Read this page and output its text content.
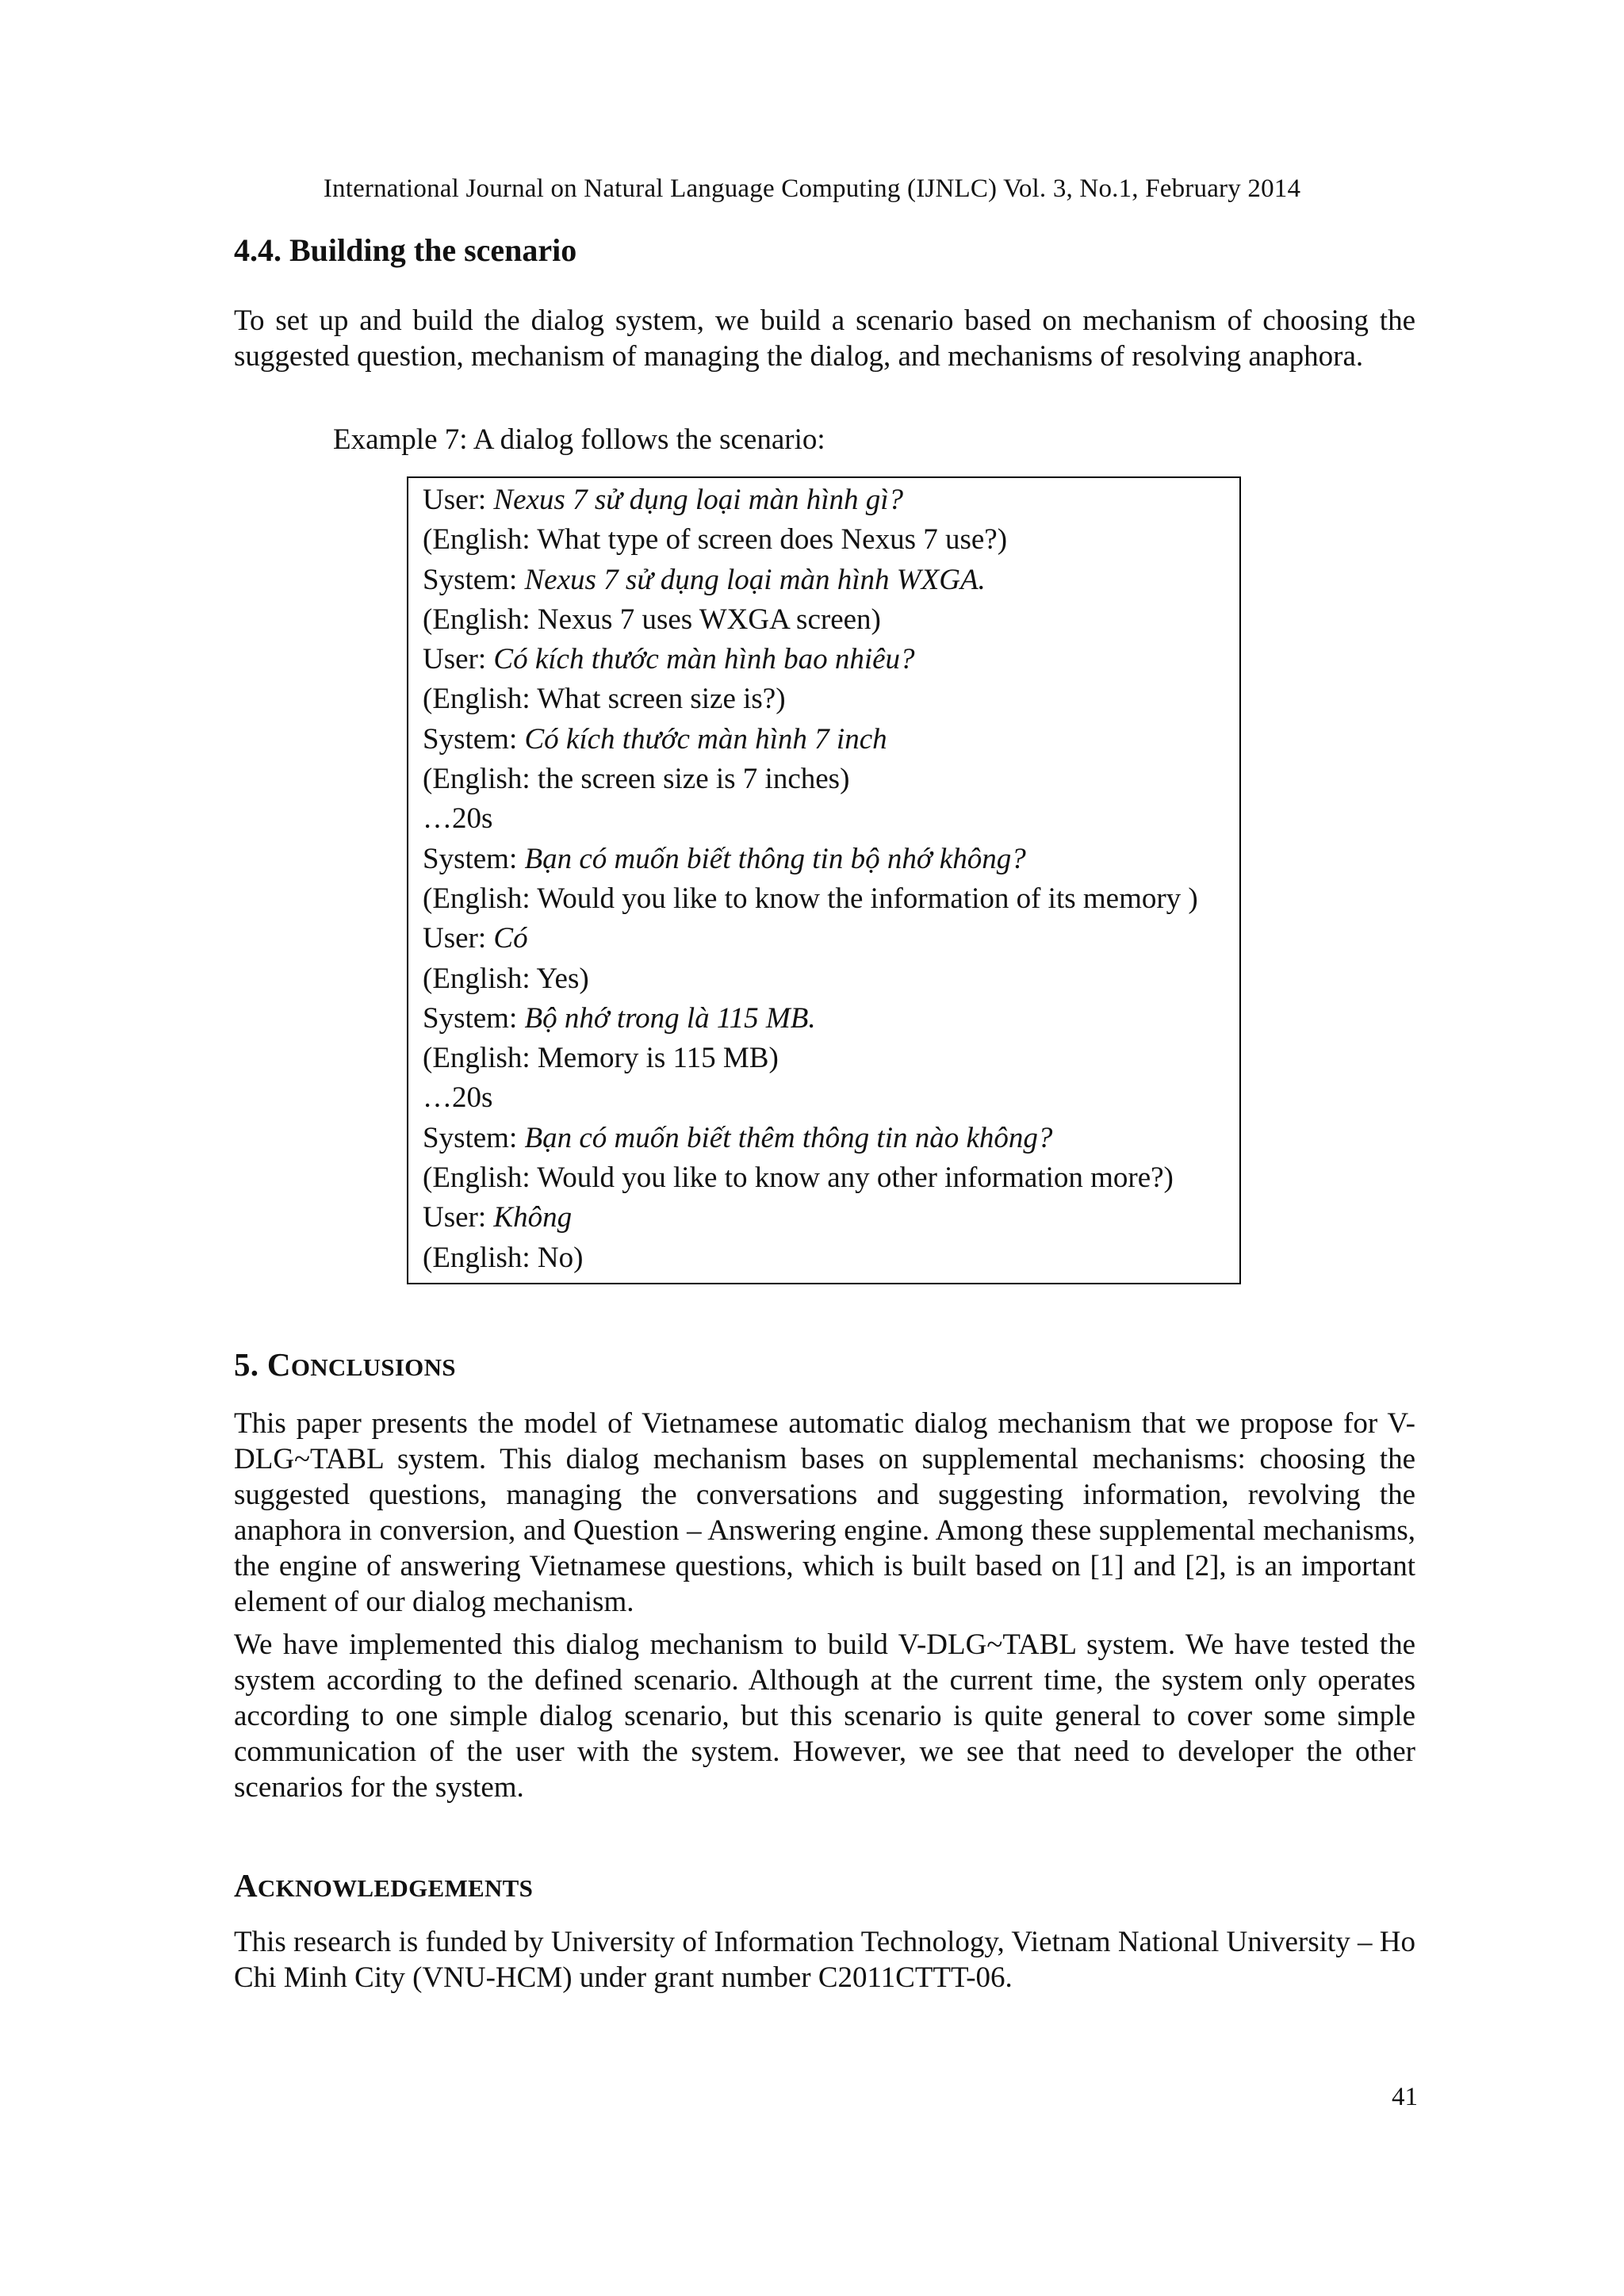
International Journal on Natural Language Computing (IJNLC) Vol. 3, No.1, February 2014
4.4. Building the scenario

To set up and build the dialog system, we build a scenario based on mechanism of choosing the suggested question, mechanism of managing the dialog, and mechanisms of resolving anaphora.

Example 7: A dialog follows the scenario:
User: Nexus 7 sử dụng loại màn hình gì?
(English: What type of screen does Nexus 7 use?)
System: Nexus 7 sử dụng loại màn hình WXGA.
(English: Nexus 7 uses WXGA screen)
User: Có kích thước màn hình bao nhiêu?
(English: What screen size is?)
System: Có kích thước màn hình 7 inch
(English: the screen size is 7 inches)
…20s
System: Bạn có muốn biết thông tin bộ nhớ không?
(English: Would you like to know the information of its memory )
User: Có
(English: Yes)
System: Bộ nhớ trong là 115 MB.
(English: Memory is 115 MB)
…20s
System: Bạn có muốn biết thêm thông tin nào không?
(English: Would you like to know any other information more?)
User: Không
(English: No)
5. CONCLUSIONS

This paper presents the model of Vietnamese automatic dialog mechanism that we propose for V-DLG~TABL system. This dialog mechanism bases on supplemental mechanisms: choosing the suggested questions, managing the conversations and suggesting information, revolving the anaphora in conversion, and Question – Answering engine. Among these supplemental mechanisms, the engine of answering Vietnamese questions, which is built based on [1] and [2], is an important element of our dialog mechanism.

We have implemented this dialog mechanism to build V-DLG~TABL system. We have tested the system according to the defined scenario. Although at the current time, the system only operates according to one simple dialog scenario, but this scenario is quite general to cover some simple communication of the user with the system. However, we see that need to developer the other scenarios for the system.

ACKNOWLEDGEMENTS

This research is funded by University of Information Technology, Vietnam National University – Ho Chi Minh City (VNU-HCM) under grant number C2011CTTT-06.

41
